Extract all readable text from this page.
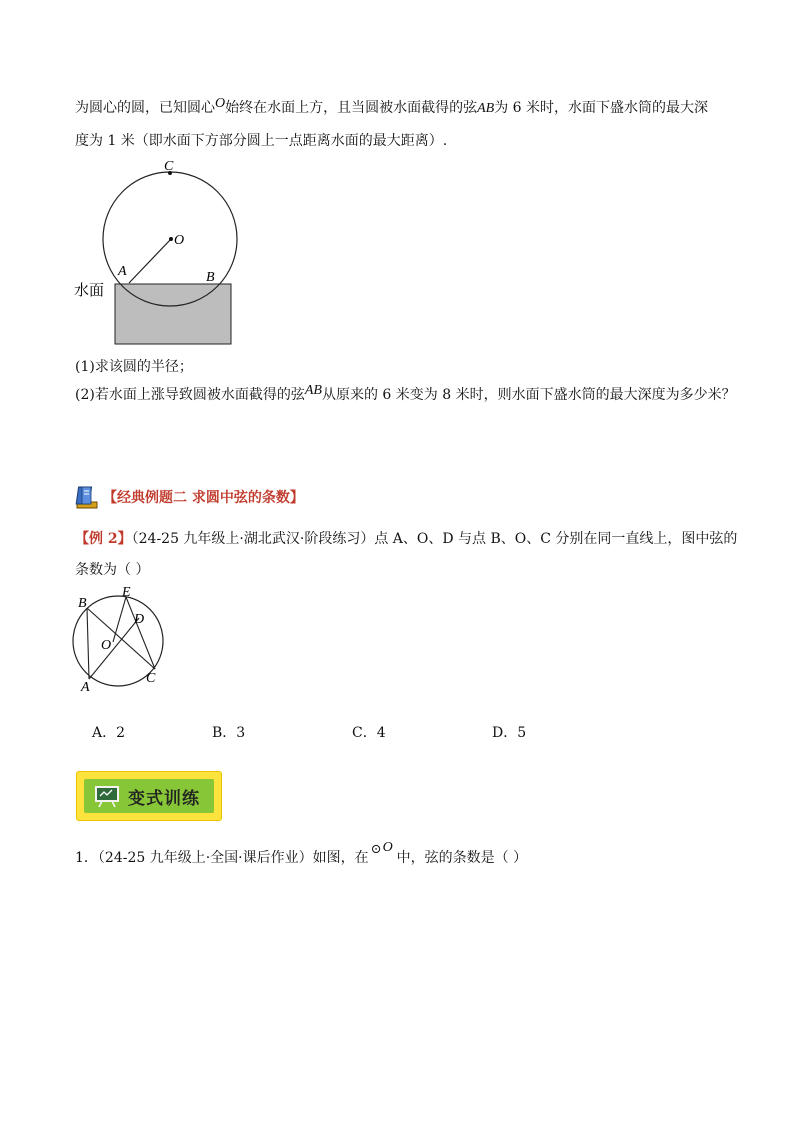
为圆心的圆，已知圆心O始终在水面上方，且当圆被水面截得的弦AB为 6 米时，水面下盛水筒的最大深
度为 1 米（即水面下方部分圆上一点距离水面的最大距离）.
C
O
A	B
水面
(1)求该圆的半径；
(2)若水面上涨导致圆被水面截得的弦AB从原来的 6 米变为 8 米时，则水面下盛水筒的最大深度为多少米？
【经典例题二 求圆中弦的条数】
【例 2】（24-25 九年级上·湖北武汉·阶段练习）点 A、O、D 与点 B、O、C 分别在同一直线上，图中弦的
条数为（ ）
B
E
D
O
A
C
A．2	B．3	C．4	D．5
变式训练
1．（24-25 九年级上·全国·课后作业）如图，在
⊙ O
中，弦的条数是（ ）
